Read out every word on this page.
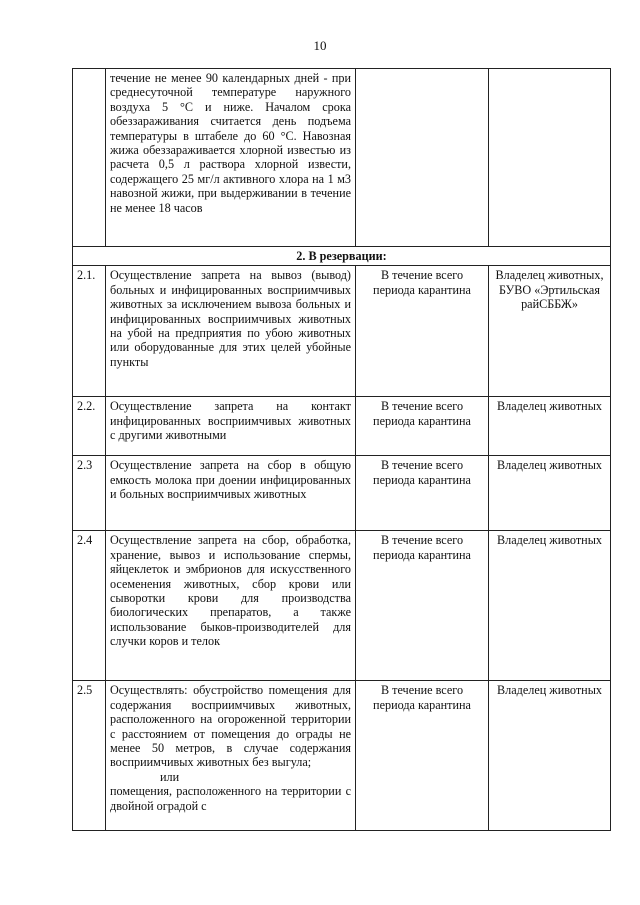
10
	течение не менее 90 календарных дней - при среднесуточной температуре наружного воздуха 5 °С и ниже. Началом срока обеззараживания считается день подъема температуры в штабеле до 60 °С. Навозная жижа обеззараживается хлорной известью из расчета 0,5 л раствора хлорной извести, содержащего 25 мг/л активного хлора на 1 м3 навозной жижи, при выдерживании в течение не менее 18 часов		
2. В резервации:			
2.1.	Осуществление запрета на вывоз (вывод) больных и инфицированных восприимчивых животных за исключением вывоза больных и инфицированных восприимчивых животных на убой на предприятия по убою животных или оборудованные для этих целей убойные пункты	В течение всего периода карантина	Владелец животных, БУВО «Эртильская райСББЖ»
2.2.	Осуществление запрета на контакт инфицированных восприимчивых животных с другими животными	В течение всего периода карантина	Владелец животных
2.3	Осуществление запрета на сбор в общую емкость молока при доении инфицированных и больных восприимчивых животных	В течение всего периода карантина	Владелец животных
2.4	Осуществление запрета на сбор, обработка, хранение, вывоз и использование спермы, яйцеклеток и эмбрионов для искусственного осеменения животных, сбор крови или сыворотки крови для производства биологических препаратов, а также использование быков-производителей для случки коров и телок	В течение всего периода карантина	Владелец животных
2.5	Осуществлять: обустройство помещения для содержания восприимчивых животных, расположенного на огороженной территории с расстоянием от помещения до ограды не менее 50 метров, в случае содержания восприимчивых животных без выгула;
или
помещения, расположенного на территории с двойной оградой с	В течение всего периода карантина	Владелец животных
